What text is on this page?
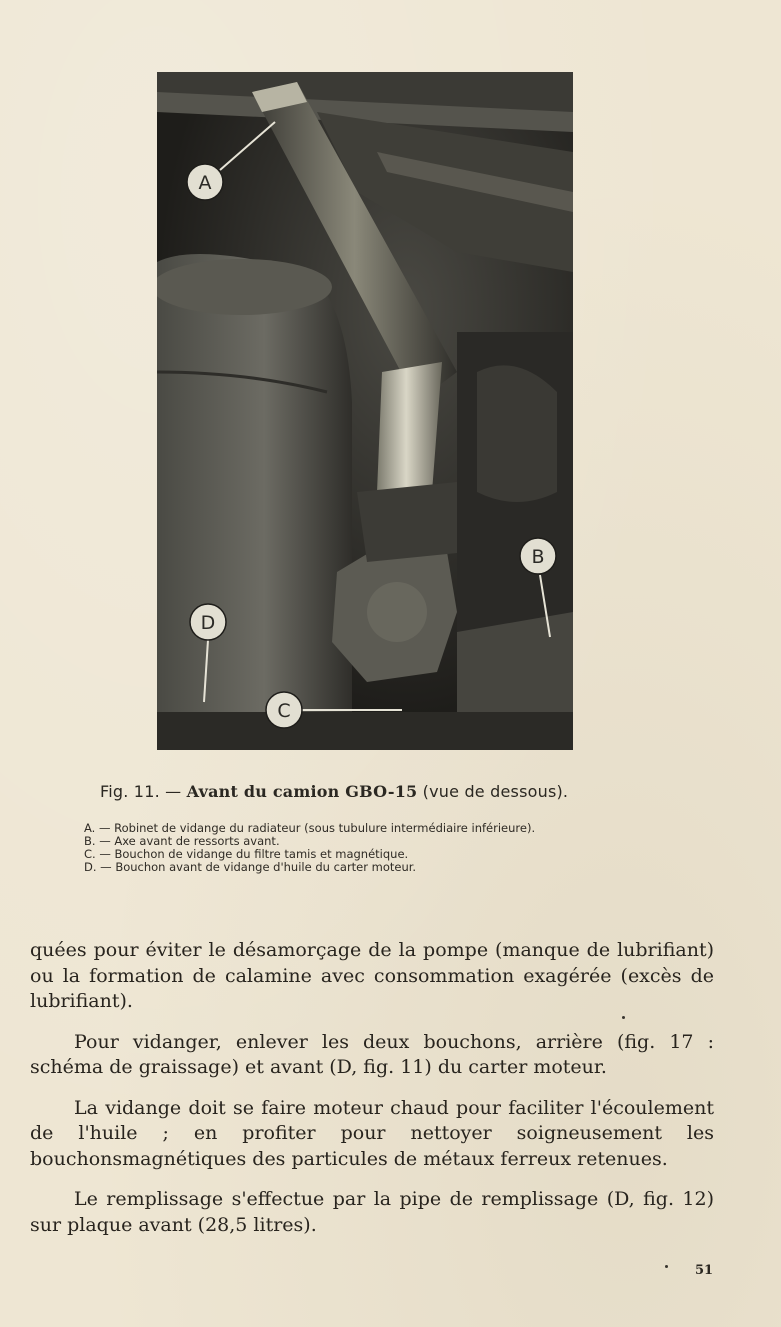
A
B
C
D
Fig. 11. — Avant du camion GBO-15 (vue de dessous).
A. — Robinet de vidange du radiateur (sous tubulure intermédiaire inférieure).
B. — Axe avant de ressorts avant.
C. — Bouchon de vidange du filtre tamis et magnétique.
D. — Bouchon avant de vidange d'huile du carter moteur.

quées pour éviter le désamorçage de la pompe (manque de lubrifiant) ou la formation de calamine avec consommation exagérée (excès de lubrifiant).

Pour vidanger, enlever les deux bouchons, arrière (fig. 17 : schéma de graissage) et avant (D, fig. 11) du carter moteur.

La vidange doit se faire moteur chaud pour faciliter l'écoulement de l'huile ; en profiter pour nettoyer soigneusement les bouchonsmagnétiques des particules de métaux ferreux retenues.

Le remplissage s'effectue par la pipe de remplissage (D, fig. 12) sur plaque avant (28,5 litres).

51
